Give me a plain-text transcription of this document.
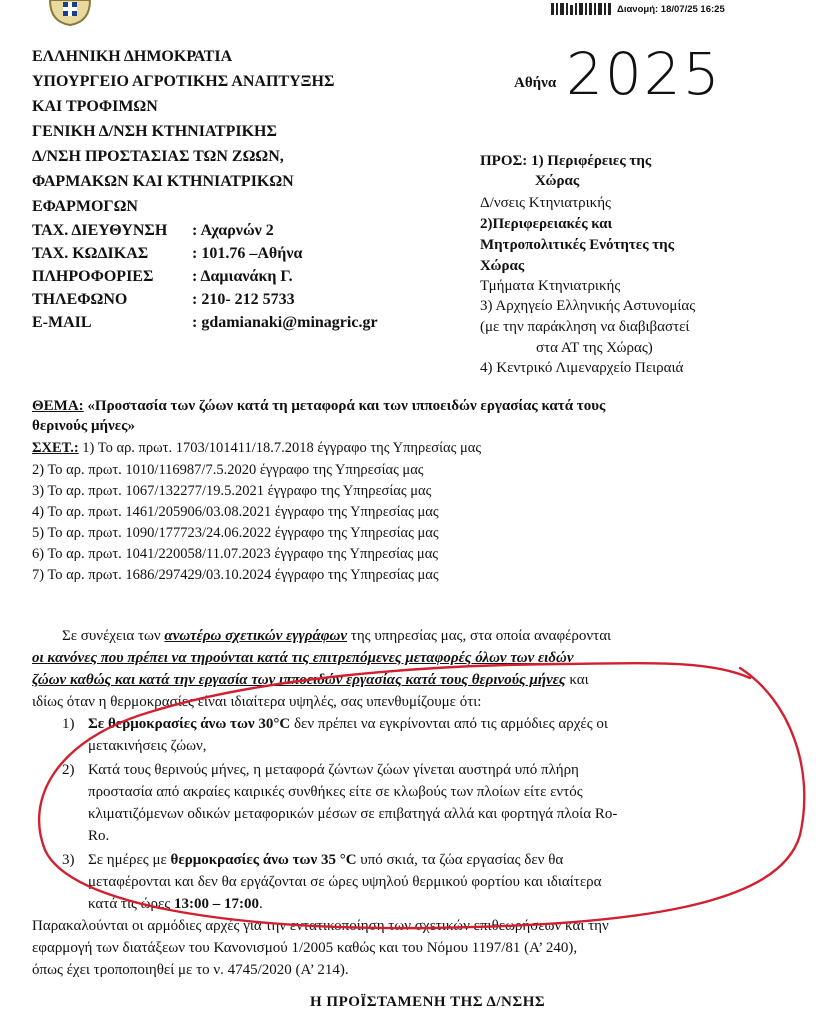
Διανομή: 18/07/25 16:25
ΕΛΛΗΝΙΚΗ ΔΗΜΟΚΡΑΤΙΑ
ΥΠΟΥΡΓΕΙΟ ΑΓΡΟΤΙΚΗΣ ΑΝΑΠΤΥΞΗΣ
ΚΑΙ ΤΡΟΦΙΜΩΝ
ΓΕΝΙΚΗ Δ/ΝΣΗ ΚΤΗΝΙΑΤΡΙΚΗΣ
Δ/ΝΣΗ ΠΡΟΣΤΑΣΙΑΣ ΤΩΝ ΖΩΩΝ,
ΦΑΡΜΑΚΩΝ ΚΑΙ ΚΤΗΝΙΑΤΡΙΚΩΝ
ΕΦΑΡΜΟΓΩΝ
ΤΑΧ. ΔΙΕΥΘΥΝΣΗ : Αχαρνών 2
ΤΑΧ. ΚΩΔΙΚΑΣ	: 101.76 –Αθήνα
ΠΛΗΡΟΦΟΡΙΕΣ : Δαμιανάκη Γ.
ΤΗΛΕΦΩΝΟ	: 210- 212 5733
E-MAIL	: gdamianaki@minagric.gr
Αθήνα 2025
ΠΡΟΣ: 1) Περιφέρειες της
Χώρας
Δ/νσεις Κτηνιατρικής
2)Περιφερειακές και
Μητροπολιτικές Ενότητες της
Χώρας
Τμήματα Κτηνιατρικής
3) Αρχηγείο Ελληνικής Αστυνομίας
(με την παράκληση να διαβιβαστεί
στα ΑΤ της Χώρας)
4) Κεντρικό Λιμεναρχείο Πειραιά
ΘΕΜΑ: «Προστασία των ζώων κατά τη μεταφορά και των ιπποειδών εργασίας κατά τους
θερινούς μήνες»
ΣΧΕΤ.: 1) Το αρ. πρωτ. 1703/101411/18.7.2018 έγγραφο της Υπηρεσίας μας
2) Το αρ. πρωτ. 1010/116987/7.5.2020 έγγραφο της Υπηρεσίας μας
3) Το αρ. πρωτ. 1067/132277/19.5.2021 έγγραφο της Υπηρεσίας μας
4) Το αρ. πρωτ. 1461/205906/03.08.2021 έγγραφο της Υπηρεσίας μας
5) Το αρ. πρωτ. 1090/177723/24.06.2022 έγγραφο της Υπηρεσίας μας
6) Το αρ. πρωτ. 1041/220058/11.07.2023 έγγραφο της Υπηρεσίας μας
7) Το αρ. πρωτ. 1686/297429/03.10.2024 έγγραφο της Υπηρεσίας μας
Σε συνέχεια των ανωτέρω σχετικών εγγράφων της υπηρεσίας μας, στα οποία αναφέρονται
οι κανόνες που πρέπει να τηρούνται κατά τις επιτρεπόμενες μεταφορές όλων των ειδών
ζώων καθώς και κατά την εργασία των ιπποειδών εργασίας κατά τους θερινούς μήνες και
ιδίως όταν η θερμοκρασίες είναι ιδιαίτερα υψηλές, σας υπενθυμίζουμε ότι:
1) Σε θερμοκρασίες άνω των 30°C δεν πρέπει να εγκρίνονται από τις αρμόδιες αρχές οι
μετακινήσεις ζώων,
2) Κατά τους θερινούς μήνες, η μεταφορά ζώντων ζώων γίνεται αυστηρά υπό πλήρη
προστασία από ακραίες καιρικές συνθήκες είτε σε κλωβούς των πλοίων είτε εντός
κλιματιζόμενων οδικών μεταφορικών μέσων σε επιβατηγά αλλά και φορτηγά πλοία Ro-
Ro.
3) Σε ημέρες με θερμοκρασίες άνω των 35 °C υπό σκιά, τα ζώα εργασίας δεν θα
μεταφέρονται και δεν θα εργάζονται σε ώρες υψηλού θερμικού φορτίου και ιδιαίτερα
κατά τις ώρες 13:00 – 17:00.
Παρακαλούνται οι αρμόδιες αρχές για την εντατικοποίηση των σχετικών επιθεωρήσεων και την
εφαρμογή των διατάξεων του Κανονισμού 1/2005 καθώς και του Νόμου 1197/81 (Α’ 240),
όπως έχει τροποποιηθεί με το ν. 4745/2020 (Α’ 214).
Η ΠΡΟΪΣΤΑΜΕΝΗ ΤΗΣ Δ/ΝΣΗΣ
